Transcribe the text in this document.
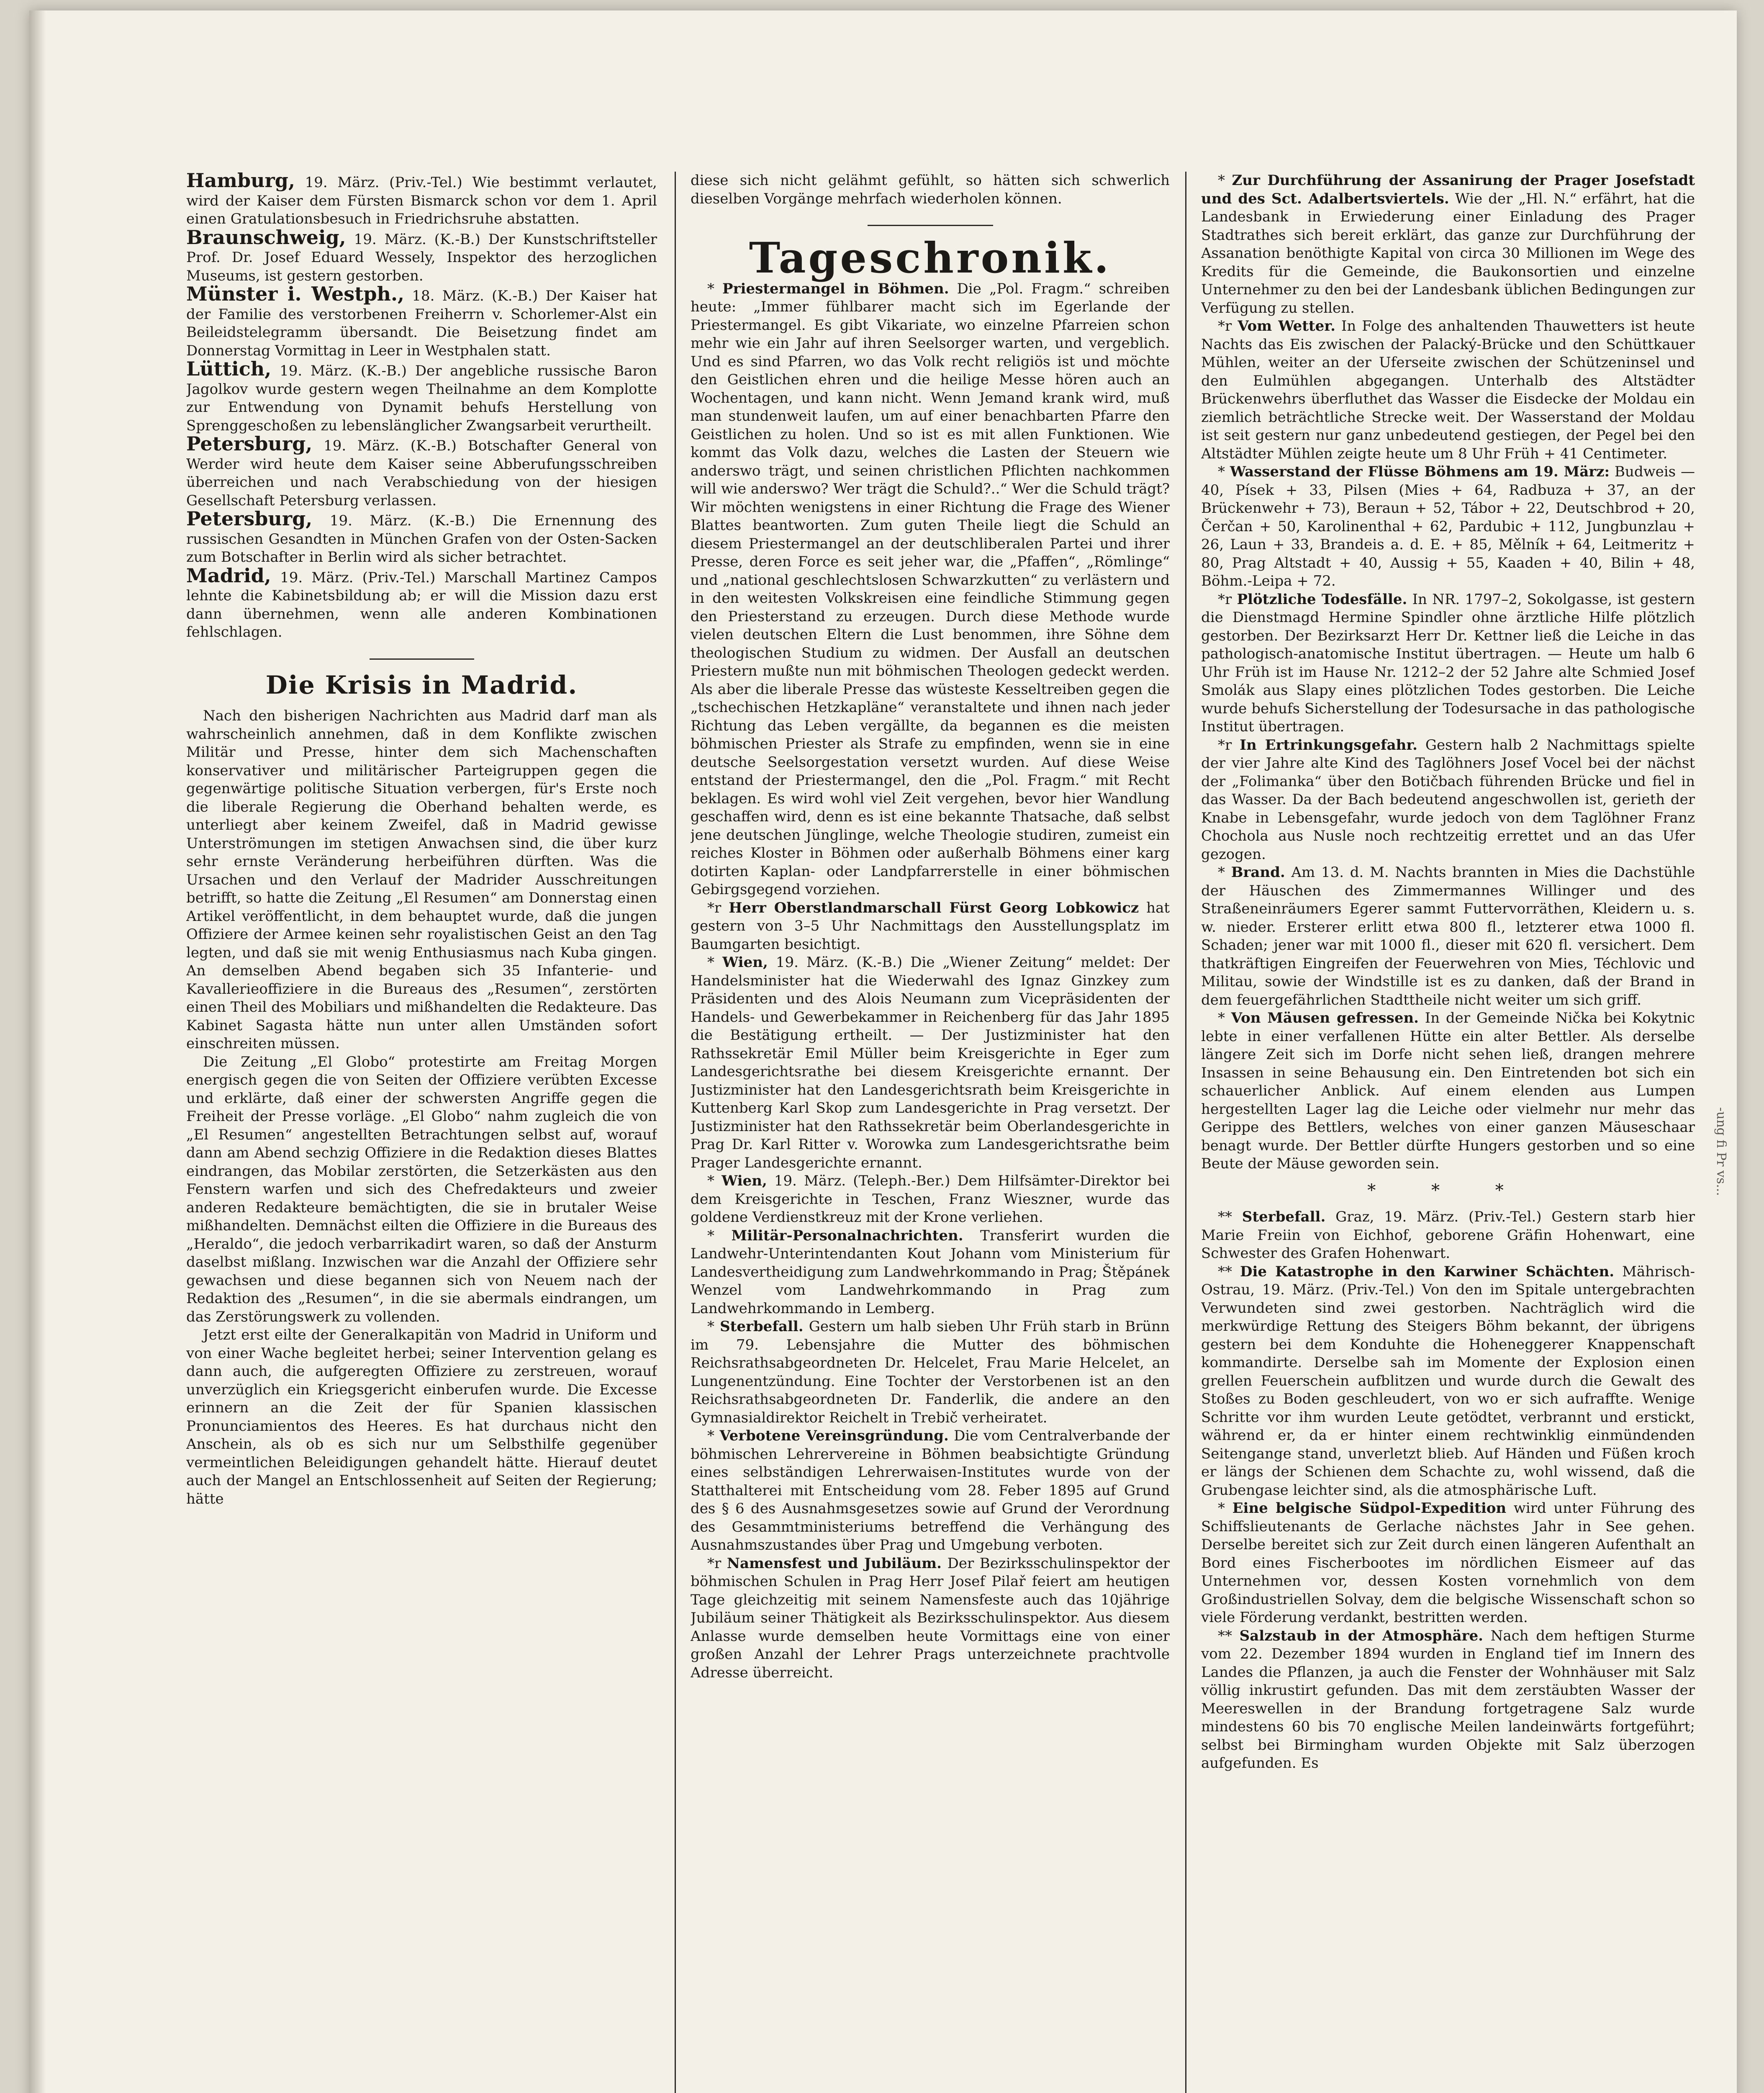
Hamburg, 19. März. (Priv.-Tel.) Wie bestimmt verlautet, wird der Kaiser dem Fürsten Bismarck schon vor dem 1. April einen Gratulationsbesuch in Friedrichsruhe abstatten.

Braunschweig, 19. März. (K.-B.) Der Kunstschriftsteller Prof. Dr. Josef Eduard Wessely, Inspektor des herzoglichen Museums, ist gestern gestorben.

Münster i. Westph., 18. März. (K.-B.) Der Kaiser hat der Familie des verstorbenen Freiherrn v. Schorlemer-Alst ein Beileidstelegramm übersandt. Die Beisetzung findet am Donnerstag Vormittag in Leer in Westphalen statt.

Lüttich, 19. März. (K.-B.) Der angebliche russische Baron Jagolkov wurde gestern wegen Theilnahme an dem Komplotte zur Entwendung von Dynamit behufs Herstellung von Sprenggeschoßen zu lebenslänglicher Zwangsarbeit verurtheilt.

Petersburg, 19. März. (K.-B.) Botschafter General von Werder wird heute dem Kaiser seine Abberufungsschreiben überreichen und nach Verabschiedung von der hiesigen Gesellschaft Petersburg verlassen.

Petersburg, 19. März. (K.-B.) Die Ernennung des russischen Gesandten in München Grafen von der Osten-Sacken zum Botschafter in Berlin wird als sicher betrachtet.

Madrid, 19. März. (Priv.-Tel.) Marschall Martinez Campos lehnte die Kabinetsbildung ab; er will die Mission dazu erst dann übernehmen, wenn alle anderen Kombinationen fehlschlagen.

Die Krisis in Madrid.

Nach den bisherigen Nachrichten aus Madrid darf man als wahrscheinlich annehmen, daß in dem Konflikte zwischen Militär und Presse, hinter dem sich Machenschaften konservativer und militärischer Parteigruppen gegen die gegenwärtige politische Situation verbergen, für's Erste noch die liberale Regierung die Oberhand behalten werde, es unterliegt aber keinem Zweifel, daß in Madrid gewisse Unterströmungen im stetigen Anwachsen sind, die über kurz sehr ernste Veränderung herbeiführen dürften. Was die Ursachen und den Verlauf der Madrider Ausschreitungen betrifft, so hatte die Zeitung „El Resumen“ am Donnerstag einen Artikel veröffentlicht, in dem behauptet wurde, daß die jungen Offiziere der Armee keinen sehr royalistischen Geist an den Tag legten, und daß sie mit wenig Enthusiasmus nach Kuba gingen. An demselben Abend begaben sich 35 Infanterie- und Kavallerieoffiziere in die Bureaus des „Resumen“, zerstörten einen Theil des Mobiliars und mißhandelten die Redakteure. Das Kabinet Sagasta hätte nun unter allen Umständen sofort einschreiten müssen.

Die Zeitung „El Globo“ protestirte am Freitag Morgen energisch gegen die von Seiten der Offiziere verübten Excesse und erklärte, daß einer der schwersten Angriffe gegen die Freiheit der Presse vorläge. „El Globo“ nahm zugleich die von „El Resumen“ angestellten Betrachtungen selbst auf, worauf dann am Abend sechzig Offiziere in die Redaktion dieses Blattes eindrangen, das Mobilar zerstörten, die Setzerkästen aus den Fenstern warfen und sich des Chefredakteurs und zweier anderen Redakteure bemächtigten, die sie in brutaler Weise mißhandelten. Demnächst eilten die Offiziere in die Bureaus des „Heraldo“, die jedoch verbarrikadirt waren, so daß der Ansturm daselbst mißlang. Inzwischen war die Anzahl der Offiziere sehr gewachsen und diese begannen sich von Neuem nach der Redaktion des „Resumen“, in die sie abermals eindrangen, um das Zerstörungswerk zu vollenden.

Jetzt erst eilte der Generalkapitän von Madrid in Uniform und von einer Wache begleitet herbei; seiner Intervention gelang es dann auch, die aufgeregten Offiziere zu zerstreuen, worauf unverzüglich ein Kriegsgericht einberufen wurde. Die Excesse erinnern an die Zeit der für Spanien klassischen Pronunciamientos des Heeres. Es hat durchaus nicht den Anschein, als ob es sich nur um Selbsthilfe gegenüber vermeintlichen Beleidigungen gehandelt hätte. Hierauf deutet auch der Mangel an Entschlossenheit auf Seiten der Regierung; hätte

diese sich nicht gelähmt gefühlt, so hätten sich schwerlich dieselben Vorgänge mehrfach wiederholen können.

Tageschronik.

* Priestermangel in Böhmen. Die „Pol. Fragm.“ schreiben heute: „Immer fühlbarer macht sich im Egerlande der Priestermangel. Es gibt Vikariate, wo einzelne Pfarreien schon mehr wie ein Jahr auf ihren Seelsorger warten, und vergeblich. Und es sind Pfarren, wo das Volk recht religiös ist und möchte den Geistlichen ehren und die heilige Messe hören auch an Wochentagen, und kann nicht. Wenn Jemand krank wird, muß man stundenweit laufen, um auf einer benachbarten Pfarre den Geistlichen zu holen. Und so ist es mit allen Funktionen. Wie kommt das Volk dazu, welches die Lasten der Steuern wie anderswo trägt, und seinen christlichen Pflichten nachkommen will wie anderswo? Wer trägt die Schuld?..“ Wer die Schuld trägt? Wir möchten wenigstens in einer Richtung die Frage des Wiener Blattes beantworten. Zum guten Theile liegt die Schuld an diesem Priestermangel an der deutschliberalen Partei und ihrer Presse, deren Force es seit jeher war, die „Pfaffen“, „Römlinge“ und „national geschlechtslosen Schwarzkutten“ zu verlästern und in den weitesten Volkskreisen eine feindliche Stimmung gegen den Priesterstand zu erzeugen. Durch diese Methode wurde vielen deutschen Eltern die Lust benommen, ihre Söhne dem theologischen Studium zu widmen. Der Ausfall an deutschen Priestern mußte nun mit böhmischen Theologen gedeckt werden. Als aber die liberale Presse das wüsteste Kesseltreiben gegen die „tschechischen Hetzkapläne“ veranstaltete und ihnen nach jeder Richtung das Leben vergällte, da begannen es die meisten böhmischen Priester als Strafe zu empfinden, wenn sie in eine deutsche Seelsorgestation versetzt wurden. Auf diese Weise entstand der Priestermangel, den die „Pol. Fragm.“ mit Recht beklagen. Es wird wohl viel Zeit vergehen, bevor hier Wandlung geschaffen wird, denn es ist eine bekannte Thatsache, daß selbst jene deutschen Jünglinge, welche Theologie studiren, zumeist ein reiches Kloster in Böhmen oder außerhalb Böhmens einer karg dotirten Kaplan- oder Landpfarrerstelle in einer böhmischen Gebirgsgegend vorziehen.

*r Herr Oberstlandmarschall Fürst Georg Lobkowicz hat gestern von 3–5 Uhr Nachmittags den Ausstellungsplatz im Baumgarten besichtigt.

* Wien, 19. März. (K.-B.) Die „Wiener Zeitung“ meldet: Der Handelsminister hat die Wiederwahl des Ignaz Ginzkey zum Präsidenten und des Alois Neumann zum Vicepräsidenten der Handels- und Gewerbekammer in Reichenberg für das Jahr 1895 die Bestätigung ertheilt. — Der Justizminister hat den Rathssekretär Emil Müller beim Kreisgerichte in Eger zum Landesgerichtsrathe bei diesem Kreisgerichte ernannt. Der Justizminister hat den Landesgerichtsrath beim Kreisgerichte in Kuttenberg Karl Skop zum Landesgerichte in Prag versetzt. Der Justizminister hat den Rathssekretär beim Oberlandesgerichte in Prag Dr. Karl Ritter v. Worowka zum Landesgerichtsrathe beim Prager Landesgerichte ernannt.

* Wien, 19. März. (Teleph.-Ber.) Dem Hilfsämter-Direktor bei dem Kreisgerichte in Teschen, Franz Wieszner, wurde das goldene Verdienstkreuz mit der Krone verliehen.

* Militär-Personalnachrichten. Transferirt wurden die Landwehr-Unterintendanten Kout Johann vom Ministerium für Landesvertheidigung zum Landwehrkommando in Prag; Štěpánek Wenzel vom Landwehrkommando in Prag zum Landwehrkommando in Lemberg.

* Sterbefall. Gestern um halb sieben Uhr Früh starb in Brünn im 79. Lebensjahre die Mutter des böhmischen Reichsrathsabgeordneten Dr. Helcelet, Frau Marie Helcelet, an Lungenentzündung. Eine Tochter der Verstorbenen ist an den Reichsrathsabgeordneten Dr. Fanderlik, die andere an den Gymnasialdirektor Reichelt in Trebič verheiratet.

* Verbotene Vereinsgründung. Die vom Centralverbande der böhmischen Lehrervereine in Böhmen beabsichtigte Gründung eines selbständigen Lehrerwaisen-Institutes wurde von der Statthalterei mit Entscheidung vom 28. Feber 1895 auf Grund des § 6 des Ausnahmsgesetzes sowie auf Grund der Verordnung des Gesammtministeriums betreffend die Verhängung des Ausnahmszustandes über Prag und Umgebung verboten.

*r Namensfest und Jubiläum. Der Bezirksschulinspektor der böhmischen Schulen in Prag Herr Josef Pilař feiert am heutigen Tage gleichzeitig mit seinem Namensfeste auch das 10jährige Jubiläum seiner Thätigkeit als Bezirksschulinspektor. Aus diesem Anlasse wurde demselben heute Vormittags eine von einer großen Anzahl der Lehrer Prags unterzeichnete prachtvolle Adresse überreicht.

* Zur Durchführung der Assanirung der Prager Josefstadt und des Sct. Adalbertsviertels. Wie der „Hl. N.“ erfährt, hat die Landesbank in Erwiederung einer Einladung des Prager Stadtrathes sich bereit erklärt, das ganze zur Durchführung der Assanation benöthigte Kapital von circa 30 Millionen im Wege des Kredits für die Gemeinde, die Baukonsortien und einzelne Unternehmer zu den bei der Landesbank üblichen Bedingungen zur Verfügung zu stellen.

*r Vom Wetter. In Folge des anhaltenden Thauwetters ist heute Nachts das Eis zwischen der Palacký-Brücke und den Schüttkauer Mühlen, weiter an der Uferseite zwischen der Schützeninsel und den Eulmühlen abgegangen. Unterhalb des Altstädter Brückenwehrs überfluthet das Wasser die Eisdecke der Moldau ein ziemlich beträchtliche Strecke weit. Der Wasserstand der Moldau ist seit gestern nur ganz unbedeutend gestiegen, der Pegel bei den Altstädter Mühlen zeigte heute um 8 Uhr Früh + 41 Centimeter.

* Wasserstand der Flüsse Böhmens am 19. März: Budweis — 40, Písek + 33, Pilsen (Mies + 64, Radbuza + 37, an der Brückenwehr + 73), Beraun + 52, Tábor + 22, Deutschbrod + 20, Čerčan + 50, Karolinenthal + 62, Pardubic + 112, Jungbunzlau + 26, Laun + 33, Brandeis a. d. E. + 85, Mělník + 64, Leitmeritz + 80, Prag Altstadt + 40, Aussig + 55, Kaaden + 40, Bilin + 48, Böhm.-Leipa + 72.

*r Plötzliche Todesfälle. In NR. 1797–2, Sokolgasse, ist gestern die Dienstmagd Hermine Spindler ohne ärztliche Hilfe plötzlich gestorben. Der Bezirksarzt Herr Dr. Kettner ließ die Leiche in das pathologisch-anatomische Institut übertragen. — Heute um halb 6 Uhr Früh ist im Hause Nr. 1212–2 der 52 Jahre alte Schmied Josef Smolák aus Slapy eines plötzlichen Todes gestorben. Die Leiche wurde behufs Sicherstellung der Todesursache in das pathologische Institut übertragen.

*r In Ertrinkungsgefahr. Gestern halb 2 Nachmittags spielte der vier Jahre alte Kind des Taglöhners Josef Vocel bei der nächst der „Folimanka“ über den Botičbach führenden Brücke und fiel in das Wasser. Da der Bach bedeutend angeschwollen ist, gerieth der Knabe in Lebensgefahr, wurde jedoch von dem Taglöhner Franz Chochola aus Nusle noch rechtzeitig errettet und an das Ufer gezogen.

* Brand. Am 13. d. M. Nachts brannten in Mies die Dachstühle der Häuschen des Zimmermannes Willinger und des Straßeneinräumers Egerer sammt Futtervorräthen, Kleidern u. s. w. nieder. Ersterer erlitt etwa 800 fl., letzterer etwa 1000 fl. Schaden; jener war mit 1000 fl., dieser mit 620 fl. versichert. Dem thatkräftigen Eingreifen der Feuerwehren von Mies, Téchlovic und Militau, sowie der Windstille ist es zu danken, daß der Brand in dem feuergefährlichen Stadttheile nicht weiter um sich griff.

* Von Mäusen gefressen. In der Gemeinde Nička bei Kokytnic lebte in einer verfallenen Hütte ein alter Bettler. Als derselbe längere Zeit sich im Dorfe nicht sehen ließ, drangen mehrere Insassen in seine Behausung ein. Den Eintretenden bot sich ein schauerlicher Anblick. Auf einem elenden aus Lumpen hergestellten Lager lag die Leiche oder vielmehr nur mehr das Gerippe des Bettlers, welches von einer ganzen Mäuseschaar benagt wurde. Der Bettler dürfte Hungers gestorben und so eine Beute der Mäuse geworden sein.

* * *

** Sterbefall. Graz, 19. März. (Priv.-Tel.) Gestern starb hier Marie Freiin von Eichhof, geborene Gräfin Hohenwart, eine Schwester des Grafen Hohenwart.

** Die Katastrophe in den Karwiner Schächten. Mährisch-Ostrau, 19. März. (Priv.-Tel.) Von den im Spitale untergebrachten Verwundeten sind zwei gestorben. Nachträglich wird die merkwürdige Rettung des Steigers Böhm bekannt, der übrigens gestern bei dem Konduhte die Hoheneggerer Knappenschaft kommandirte. Derselbe sah im Momente der Explosion einen grellen Feuerschein aufblitzen und wurde durch die Gewalt des Stoßes zu Boden geschleudert, von wo er sich aufraffte. Wenige Schritte vor ihm wurden Leute getödtet, verbrannt und erstickt, während er, da er hinter einem rechtwinklig einmündenden Seitengange stand, unverletzt blieb. Auf Händen und Füßen kroch er längs der Schienen dem Schachte zu, wohl wissend, daß die Grubengase leichter sind, als die atmosphärische Luft.

* Eine belgische Südpol-Expedition wird unter Führung des Schiffslieutenants de Gerlache nächstes Jahr in See gehen. Derselbe bereitet sich zur Zeit durch einen längeren Aufenthalt an Bord eines Fischerbootes im nördlichen Eismeer auf das Unternehmen vor, dessen Kosten vornehmlich von dem Großindustriellen Solvay, dem die belgische Wissenschaft schon so viele Förderung verdankt, bestritten werden.

** Salzstaub in der Atmosphäre. Nach dem heftigen Sturme vom 22. Dezember 1894 wurden in England tief im Innern des Landes die Pflanzen, ja auch die Fenster der Wohnhäuser mit Salz völlig inkrustirt gefunden. Das mit dem zerstäubten Wasser der Meereswellen in der Brandung fortgetragene Salz wurde mindestens 60 bis 70 englische Meilen landeinwärts fortgeführt; selbst bei Birmingham wurden Objekte mit Salz überzogen aufgefunden. Es

-ung fi Pr vs...
